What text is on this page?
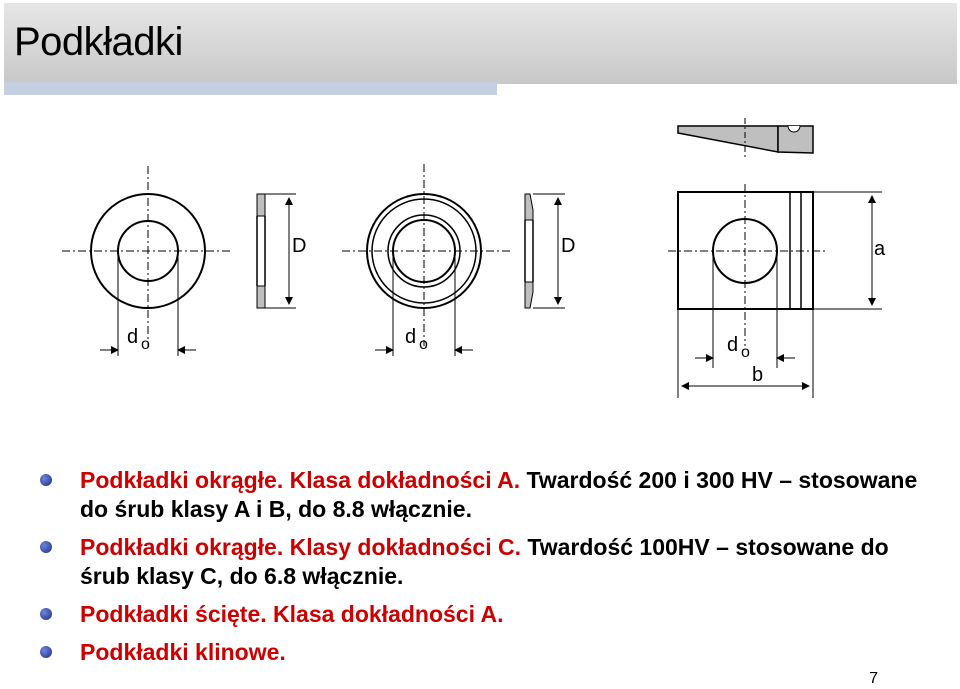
Podkładki
d o
D
d o
D	a
d o
b
Podkładki okrągłe. Klasa dokładności A. Twardość 200 i 300 HV – stosowane do śrub klasy A i B, do 8.8 włącznie.
Podkładki okrągłe. Klasy dokładności C. Twardość 100HV – stosowane do śrub klasy C, do 6.8 włącznie.
Podkładki ścięte. Klasa dokładności A.
Podkładki klinowe.
7
